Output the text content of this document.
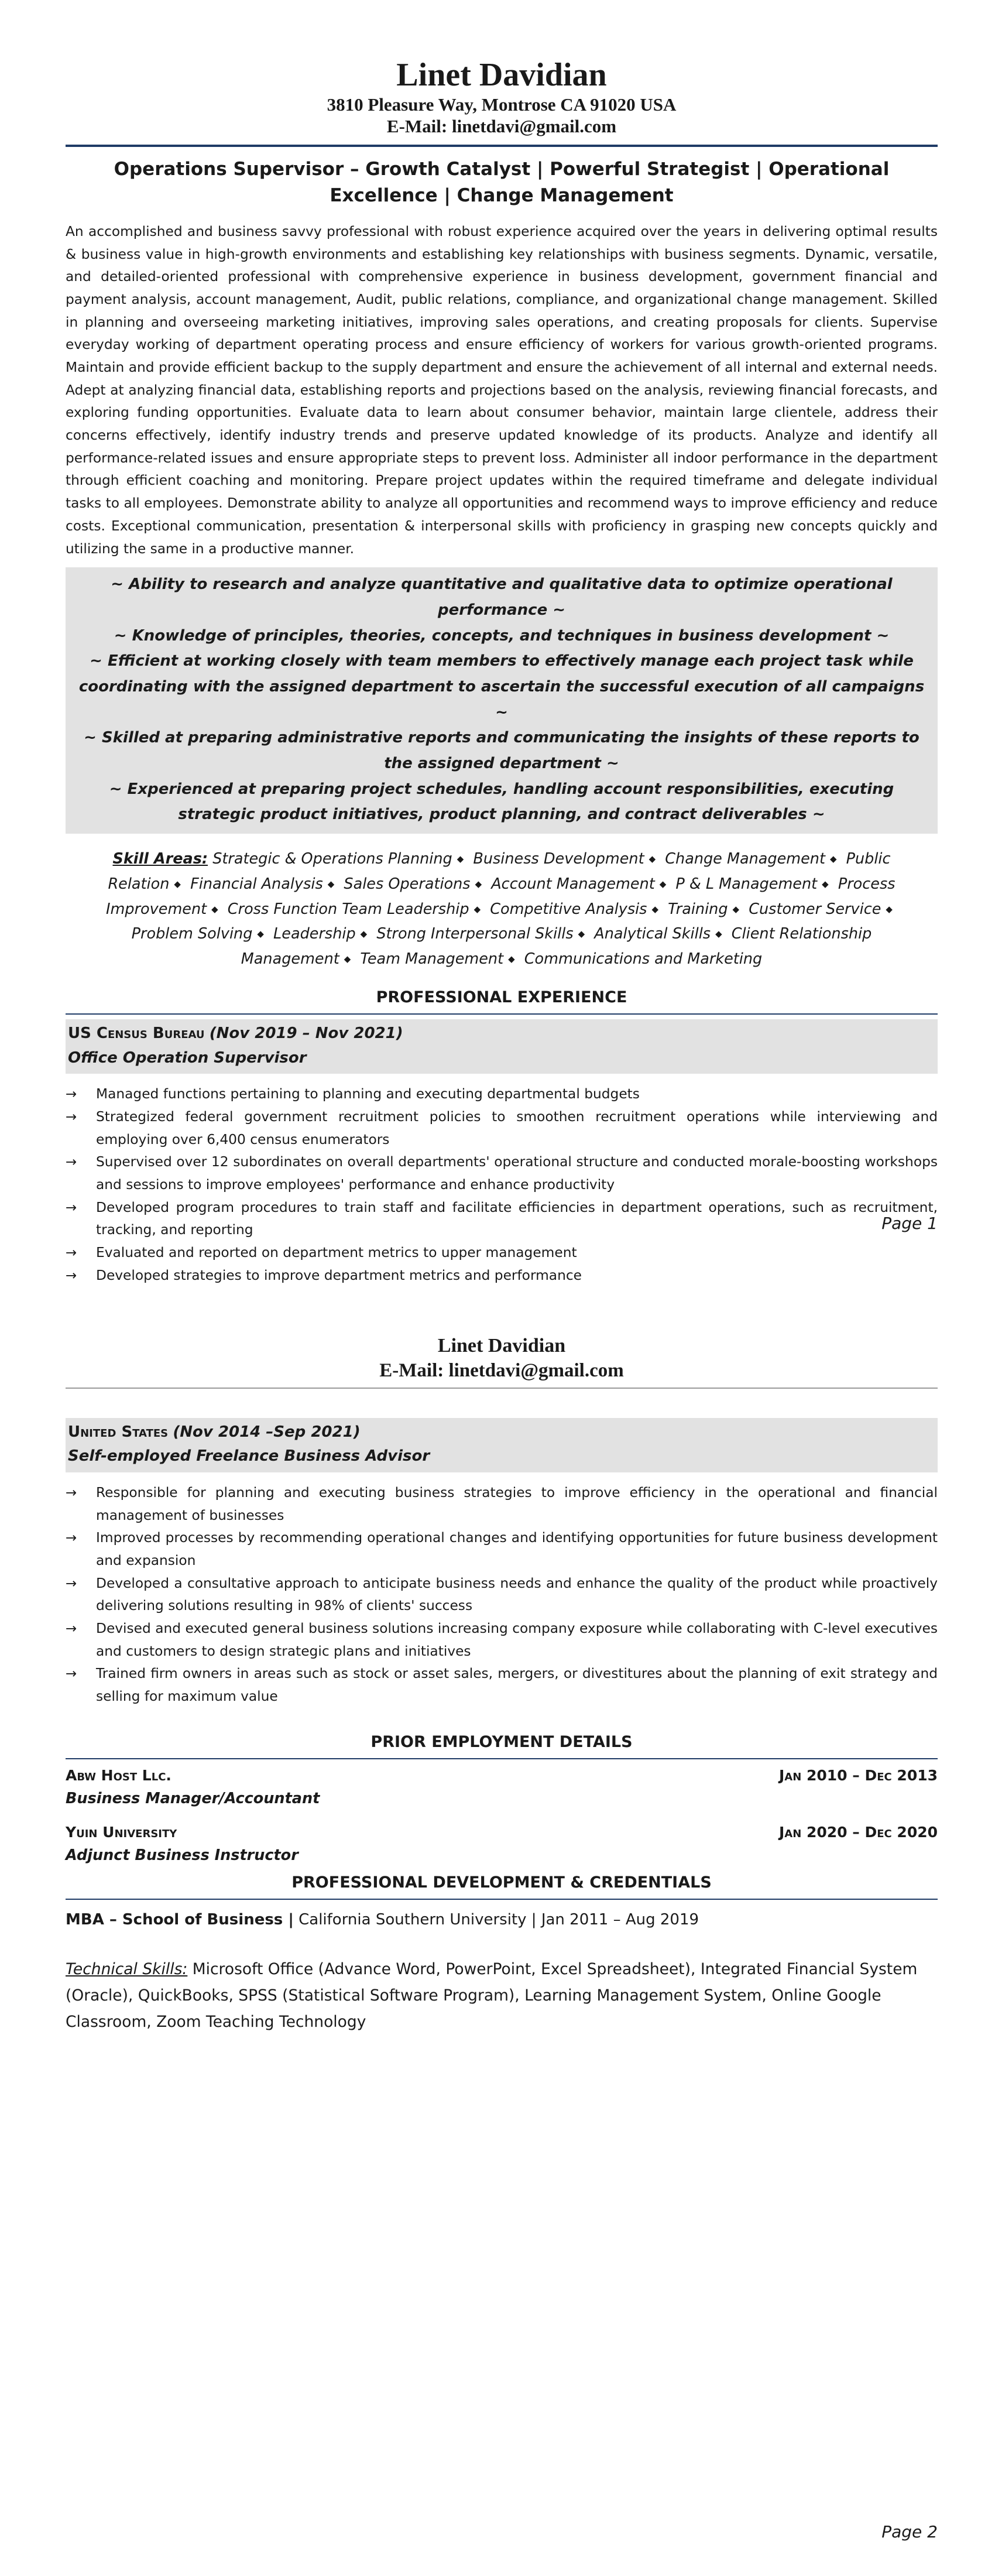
Linet Davidian
3810 Pleasure Way, Montrose CA 91020 USA
E-Mail: linetdavi@gmail.com
Operations Supervisor – Growth Catalyst | Powerful Strategist | Operational Excellence | Change Management
An accomplished and business savvy professional with robust experience acquired over the years in delivering optimal results & business value in high-growth environments and establishing key relationships with business segments. Dynamic, versatile, and detailed-oriented professional with comprehensive experience in business development, government financial and payment analysis, account management, Audit, public relations, compliance, and organizational change management. Skilled in planning and overseeing marketing initiatives, improving sales operations, and creating proposals for clients. Supervise everyday working of department operating process and ensure efficiency of workers for various growth-oriented programs. Maintain and provide efficient backup to the supply department and ensure the achievement of all internal and external needs. Adept at analyzing financial data, establishing reports and projections based on the analysis, reviewing financial forecasts, and exploring funding opportunities. Evaluate data to learn about consumer behavior, maintain large clientele, address their concerns effectively, identify industry trends and preserve updated knowledge of its products. Analyze and identify all performance-related issues and ensure appropriate steps to prevent loss. Administer all indoor performance in the department through efficient coaching and monitoring. Prepare project updates within the required timeframe and delegate individual tasks to all employees. Demonstrate ability to analyze all opportunities and recommend ways to improve efficiency and reduce costs. Exceptional communication, presentation & interpersonal skills with proficiency in grasping new concepts quickly and utilizing the same in a productive manner.

~ Ability to research and analyze quantitative and qualitative data to optimize operational performance ~

~ Knowledge of principles, theories, concepts, and techniques in business development ~

~ Efficient at working closely with team members to effectively manage each project task while coordinating with the assigned department to ascertain the successful execution of all campaigns ~

~ Skilled at preparing administrative reports and communicating the insights of these reports to the assigned department ~

~ Experienced at preparing project schedules, handling account responsibilities, executing strategic product initiatives, product planning, and contract deliverables ~

Skill Areas: Strategic & Operations Planning ◆ Business Development ◆ Change Management ◆ Public Relation ◆ Financial Analysis ◆ Sales Operations ◆ Account Management ◆ P & L Management ◆ Process Improvement ◆ Cross Function Team Leadership ◆ Competitive Analysis ◆ Training ◆ Customer Service ◆ Problem Solving ◆ Leadership ◆ Strong Interpersonal Skills ◆ Analytical Skills ◆ Client Relationship Management ◆ Team Management ◆ Communications and Marketing
PROFESSIONAL EXPERIENCE
US Census Bureau (Nov 2019 – Nov 2021)
Office Operation Supervisor
→ Managed functions pertaining to planning and executing departmental budgets
→ Strategized federal government recruitment policies to smoothen recruitment operations while interviewing and employing over 6,400 census enumerators
→ Supervised over 12 subordinates on overall departments' operational structure and conducted morale-boosting workshops and sessions to improve employees' performance and enhance productivity
→ Developed program procedures to train staff and facilitate efficiencies in department operations, such as recruitment, tracking, and reporting
→ Evaluated and reported on department metrics to upper management
→ Developed strategies to improve department metrics and performance
Page 1
Linet Davidian
E-Mail: linetdavi@gmail.com
United States (Nov 2014 –Sep 2021)
Self-employed Freelance Business Advisor
→ Responsible for planning and executing business strategies to improve efficiency in the operational and financial management of businesses
→ Improved processes by recommending operational changes and identifying opportunities for future business development and expansion
→ Developed a consultative approach to anticipate business needs and enhance the quality of the product while proactively delivering solutions resulting in 98% of clients' success
→ Devised and executed general business solutions increasing company exposure while collaborating with C-level executives and customers to design strategic plans and initiatives
→ Trained firm owners in areas such as stock or asset sales, mergers, or divestitures about the planning of exit strategy and selling for maximum value
PRIOR EMPLOYMENT DETAILS
Abw Host Llc.	Jan 2010 – Dec 2013
Business Manager/Accountant
Yuin University	Jan 2020 – Dec 2020
Adjunct Business Instructor
PROFESSIONAL DEVELOPMENT & CREDENTIALS
MBA – School of Business | California Southern University | Jan 2011 – Aug 2019
Technical Skills: Microsoft Office (Advance Word, PowerPoint, Excel Spreadsheet), Integrated Financial System (Oracle), QuickBooks, SPSS (Statistical Software Program), Learning Management System, Online Google Classroom, Zoom Teaching Technology
Page 2
